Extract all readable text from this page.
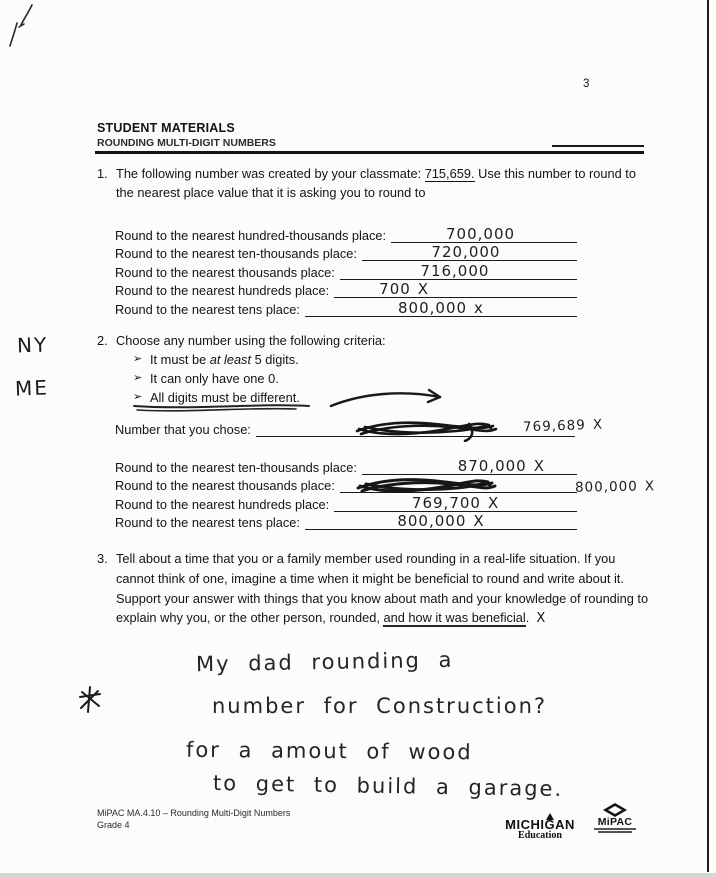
3
STUDENT MATERIALS
ROUNDING MULTI-DIGIT NUMBERS
1. The following number was created by your classmate: 715,659. Use this number to round to the nearest place value that it is asking you to round to
Round to the nearest hundred-thousands place:	700,000
Round to the nearest ten-thousands place:	720,000
Round to the nearest thousands place:	716,000
Round to the nearest hundreds place:	700 X
Round to the nearest tens place:	800,000 x
NY
ME
2. Choose any number using the following criteria:
➢ It must be at least 5 digits.
➢ It can only have one 0.
➢ All digits must be different.
Number that you chose:	769,689 X
Round to the nearest ten-thousands place:	870,000 X
Round to the nearest thousands place:	800,000 X
Round to the nearest hundreds place:	769,700 X
Round to the nearest tens place:	800,000 X
3. Tell about a time that you or a family member used rounding in a real-life situation. If you cannot think of one, imagine a time when it might be beneficial to round and write about it. Support your answer with things that you know about math and your knowledge of rounding to explain why you, or the other person, rounded, and how it was beneficial. X
My dad rounding a
number for Construction?
for a amout of wood
to get to build a garage.
MiPAC MA.4.10 – Rounding Multi-Digit Numbers
Grade 4	MICHIGAN
Education
MiPAC
